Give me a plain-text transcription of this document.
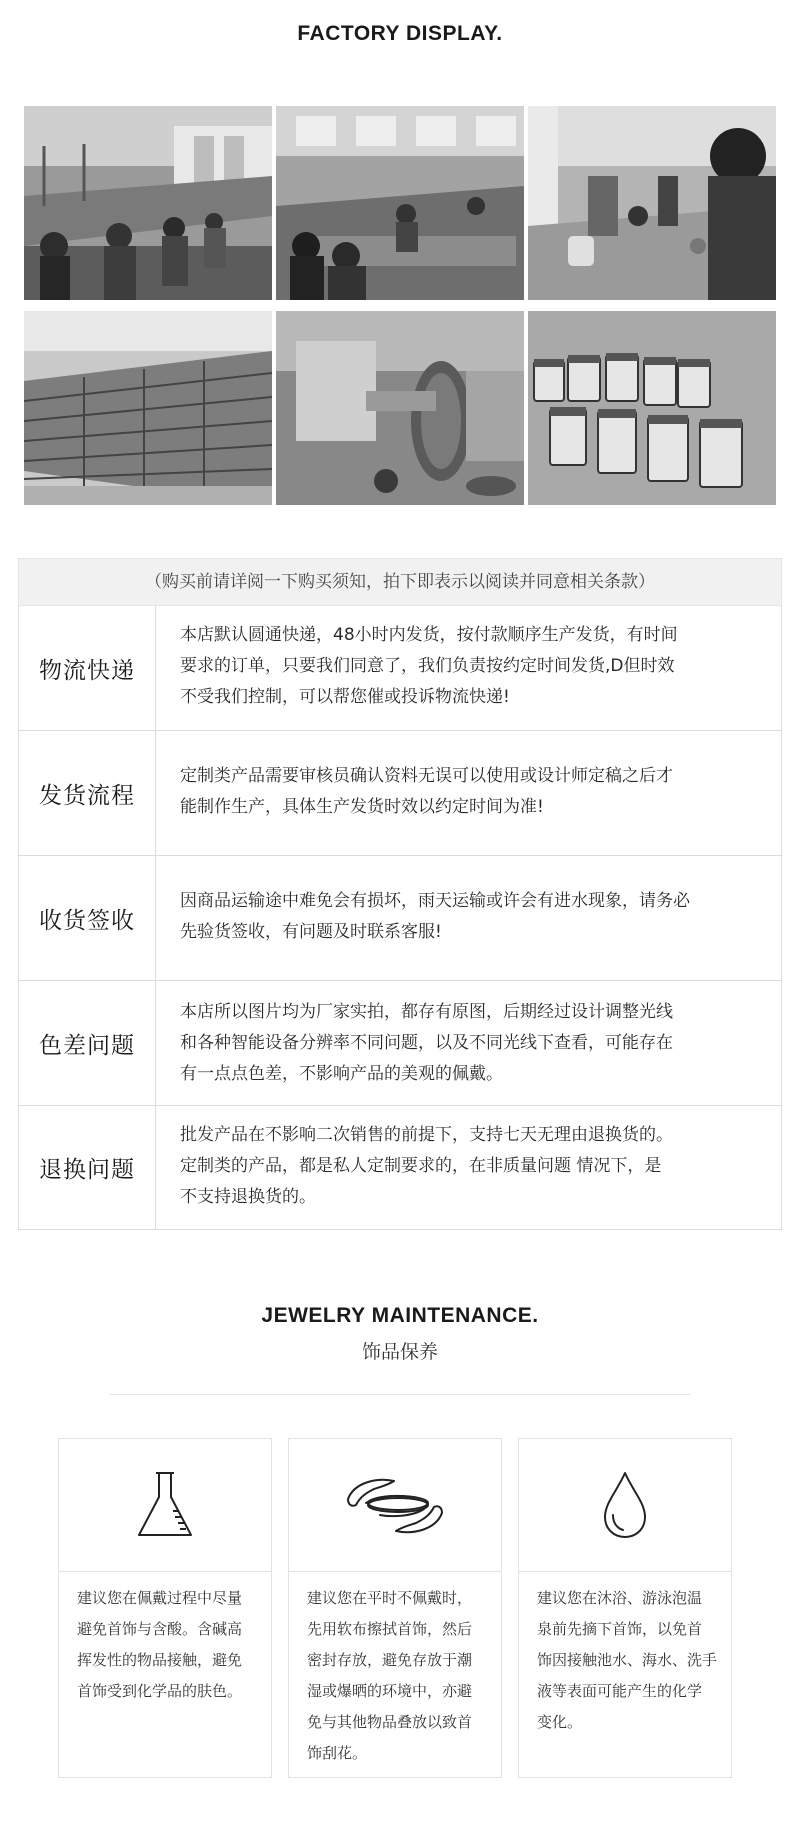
FACTORY DISPLAY.
（购买前请详阅一下购买须知，拍下即表示以阅读并同意相关条款）
物流快递
本店默认圆通快递，48小时内发货，按付款顺序生产发货，有时间
要求的订单，只要我们同意了，我们负责按约定时间发货,D但时效
不受我们控制，可以帮您催或投诉物流快递!
发货流程
定制类产品需要审核员确认资料无误可以使用或设计师定稿之后才
能制作生产，具体生产发货时效以约定时间为准!
收货签收
因商品运输途中难免会有损坏，雨天运输或许会有进水现象，请务必
先验货签收，有问题及时联系客服!
色差问题
本店所以图片均为厂家实拍，都存有原图，后期经过设计调整光线
和各种智能设备分辨率不同问题，以及不同光线下查看，可能存在
有一点点色差，不影响产品的美观的佩戴。
退换问题
批发产品在不影响二次销售的前提下，支持七天无理由退换货的。
定制类的产品，都是私人定制要求的，在非质量问题 情况下，是
不支持退换货的。
JEWELRY MAINTENANCE.
饰品保养
建议您在佩戴过程中尽量
避免首饰与含酸。含碱高
挥发性的物品接触，避免
首饰受到化学品的肤色。
建议您在平时不佩戴时，
先用软布擦拭首饰，然后
密封存放，避免存放于潮
湿或爆晒的环境中，亦避
免与其他物品叠放以致首
饰刮花。
建议您在沐浴、游泳泡温
泉前先摘下首饰，以免首
饰因接触池水、海水、洗手
液等表面可能产生的化学
变化。
